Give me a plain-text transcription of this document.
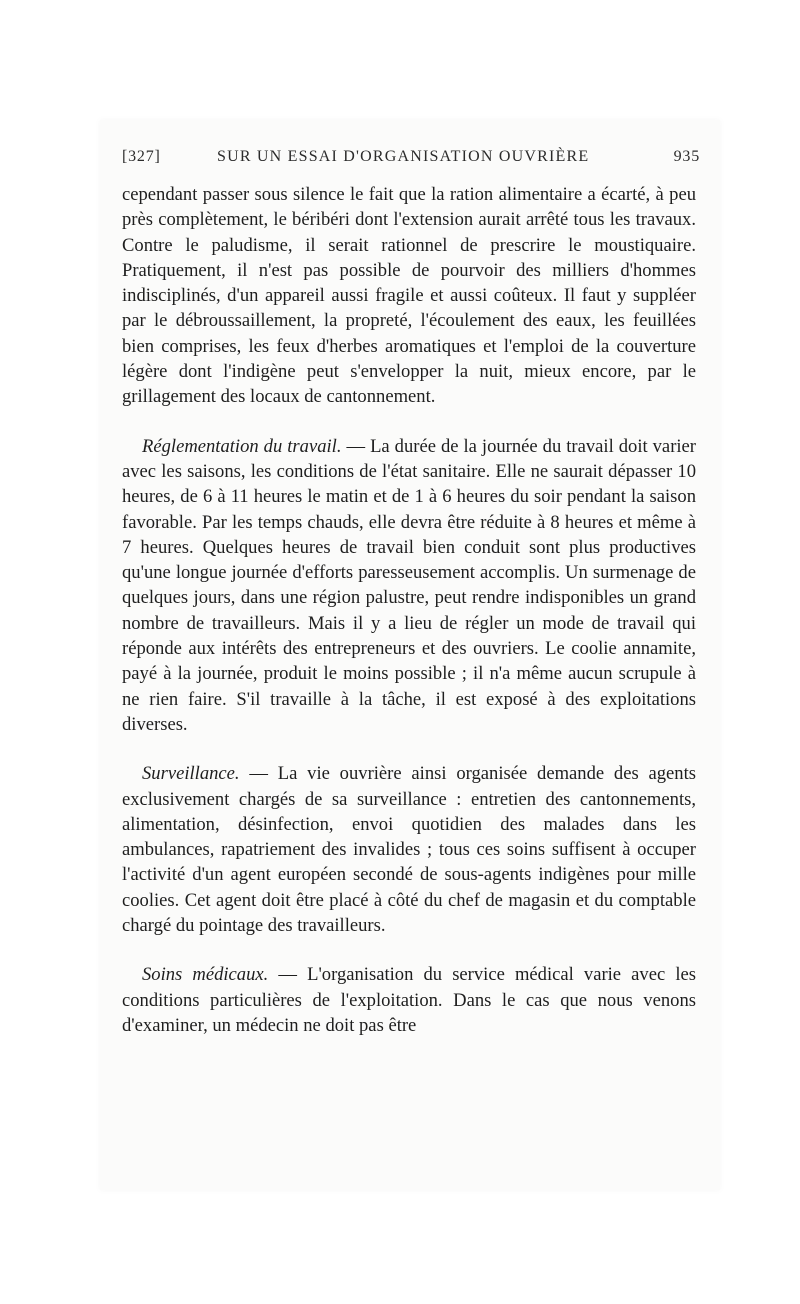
[327]	SUR UN ESSAI D'ORGANISATION OUVRIÈRE	935

cependant passer sous silence le fait que la ration alimentaire a écarté, à peu près complètement, le béribéri dont l'extension aurait arrêté tous les travaux. Contre le paludisme, il serait rationnel de prescrire le moustiquaire. Pratiquement, il n'est pas possible de pourvoir des milliers d'hommes indisciplinés, d'un appareil aussi fragile et aussi coûteux. Il faut y suppléer par le débroussaillement, la propreté, l'écoulement des eaux, les feuillées bien comprises, les feux d'herbes aromatiques et l'emploi de la couverture légère dont l'indigène peut s'envelopper la nuit, mieux encore, par le grillagement des locaux de cantonnement.

Réglementation du travail. — La durée de la journée du travail doit varier avec les saisons, les conditions de l'état sanitaire. Elle ne saurait dépasser 10 heures, de 6 à 11 heures le matin et de 1 à 6 heures du soir pendant la saison favorable. Par les temps chauds, elle devra être réduite à 8 heures et même à 7 heures. Quelques heures de travail bien conduit sont plus productives qu'une longue journée d'efforts paresseusement accomplis. Un surmenage de quelques jours, dans une région palustre, peut rendre indisponibles un grand nombre de travailleurs. Mais il y a lieu de régler un mode de travail qui réponde aux intérêts des entrepreneurs et des ouvriers. Le coolie annamite, payé à la journée, produit le moins possible ; il n'a même aucun scrupule à ne rien faire. S'il travaille à la tâche, il est exposé à des exploitations diverses.

Surveillance. — La vie ouvrière ainsi organisée demande des agents exclusivement chargés de sa surveillance : entretien des cantonnements, alimentation, désinfection, envoi quotidien des malades dans les ambulances, rapatriement des invalides ; tous ces soins suffisent à occuper l'activité d'un agent européen secondé de sous-agents indigènes pour mille coolies. Cet agent doit être placé à côté du chef de magasin et du comptable chargé du pointage des travailleurs.

Soins médicaux. — L'organisation du service médical varie avec les conditions particulières de l'exploitation. Dans le cas que nous venons d'examiner, un médecin ne doit pas être
